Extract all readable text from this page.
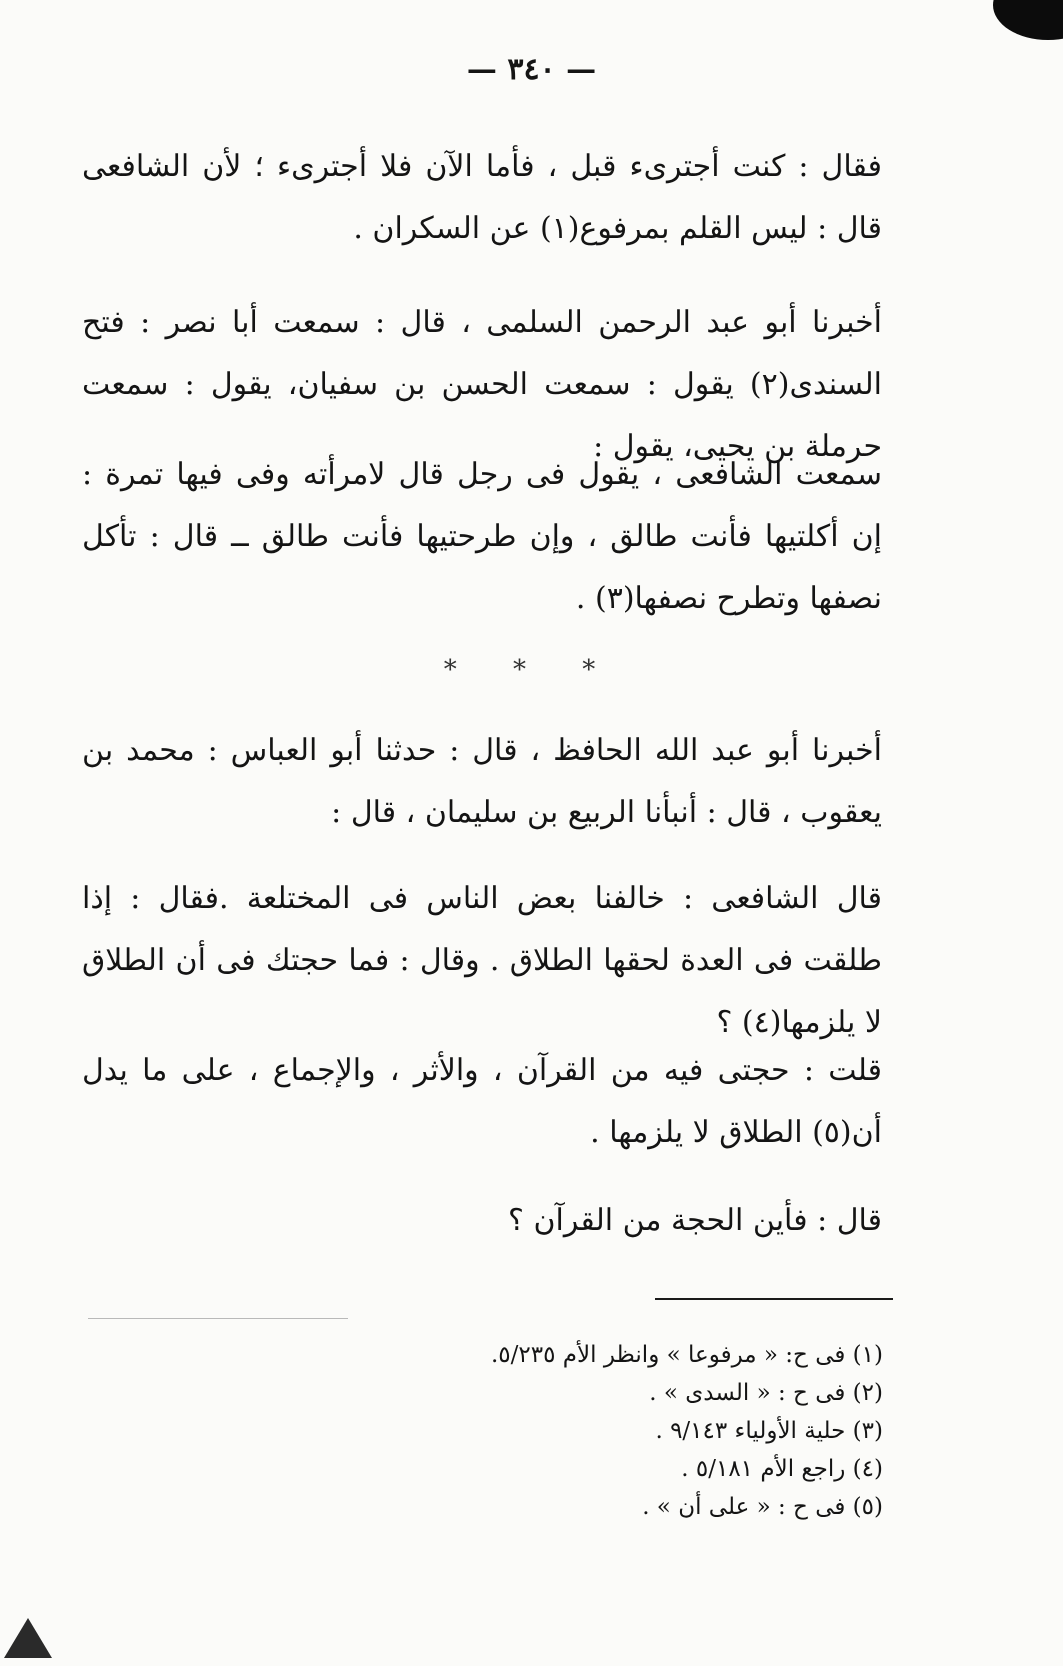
— ٣٤٠ —

فقال : كنت أجترىء قبل ، فأما الآن فلا أجترىء ؛ لأن الشافعى قال : ليس القلم بمرفوع(١) عن السكران .

أخبرنا أبو عبد الرحمن السلمى ، قال : سمعت أبا نصر : فتح السندى(٢) يقول : سمعت الحسن بن سفيان، يقول : سمعت حرملة بن يحيى، يقول :

سمعت الشافعى ، يقول فى رجل قال لامرأته وفى فيها تمرة : إن أكلتيها فأنت طالق ، وإن طرحتيها فأنت طالق ــ قال : تأكل نصفها وتطرح نصفها(٣) .

* * *

أخبرنا أبو عبد الله الحافظ ، قال : حدثنا أبو العباس : محمد بن يعقوب ، قال : أنبأنا الربيع بن سليمان ، قال :

قال الشافعى : خالفنا بعض الناس فى المختلعة .فقال : إذا طلقت فى العدة لحقها الطلاق . وقال : فما حجتك فى أن الطلاق لا يلزمها(٤) ؟

قلت : حجتى فيه من القرآن ، والأثر ، والإجماع ، على ما يدل أن(٥) الطلاق لا يلزمها .

قال : فأين الحجة من القرآن ؟

(١) فى ح: « مرفوعا » وانظر الأم ٥/٢٣٥.
(٢) فى ح : « السدى » .
(٣) حلية الأولياء ٩/١٤٣ .
(٤) راجع الأم ٥/١٨١ .
(٥) فى ح : « على أن » .
